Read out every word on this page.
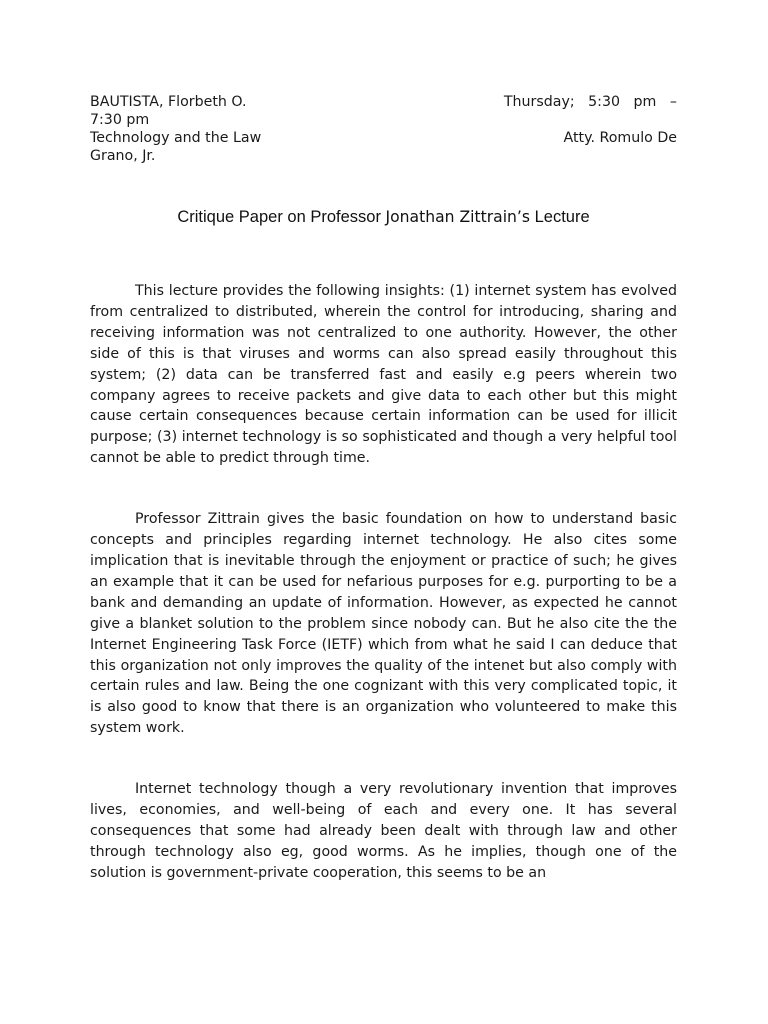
BAUTISTA, Florbeth O.	Thursday;   5:30   pm   –
7:30 pm
Technology and the Law	Atty. Romulo De
Grano, Jr.
Critique Paper on Professor Jonathan Zittrain’s Lecture

This lecture provides the following insights: (1) internet system has evolved from centralized to distributed, wherein the control for introducing, sharing and receiving information was not centralized to one authority. However, the other side of this is that viruses and worms can also spread easily throughout this system; (2) data can be transferred fast and easily e.g peers wherein two company agrees to receive packets and give data to each other but this might cause certain consequences because certain information can be used for illicit purpose; (3) internet technology is so sophisticated and though a very helpful tool cannot be able to predict through time.

Professor Zittrain gives the basic foundation on how to understand basic concepts and principles regarding internet technology. He also cites some implication that is inevitable through the enjoyment or practice of such; he gives an example that it can be used for nefarious purposes for e.g. purporting to be a bank and demanding an update of information. However, as expected he cannot give a blanket solution to the problem since nobody can. But he also cite the the Internet Engineering Task Force (IETF) which from what he said I can deduce that this organization not only improves the quality of the intenet but also comply with certain rules and law. Being the one cognizant with this very complicated topic, it is also good to know that there is an organization who volunteered to make this system work.

Internet technology though a very revolutionary invention that improves lives, economies, and well-being of each and every one. It has several consequences that some had already been dealt with through law and other through technology also eg, good worms. As he implies, though one of the solution is government-private cooperation, this seems to be an
